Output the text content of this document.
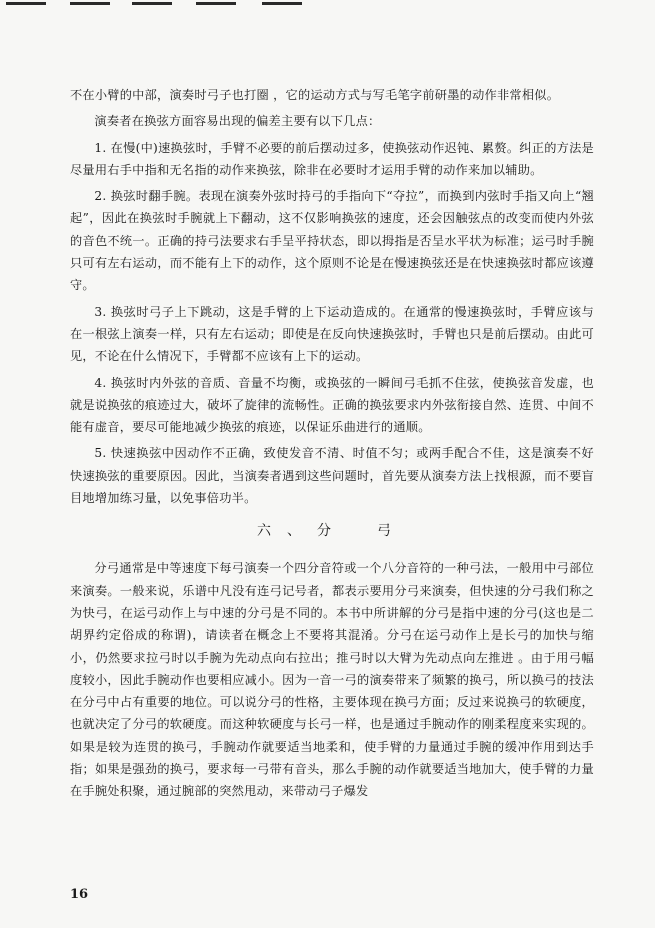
不在小臂的中部，演奏时弓子也打圈 ，它的运动方式与写毛笔字前研墨的动作非常相似。

演奏者在换弦方面容易出现的偏差主要有以下几点：

1. 在慢(中)速换弦时，手臂不必要的前后摆动过多，使换弦动作迟钝、累赘。纠正的方法是尽量用右手中指和无名指的动作来换弦，除非在必要时才运用手臂的动作来加以辅助。

2. 换弦时翻手腕。表现在演奏外弦时持弓的手指向下“夺拉”，而换到内弦时手指又向上“翘起”，因此在换弦时手腕就上下翻动，这不仅影响换弦的速度，还会因触弦点的改变而使内外弦的音色不统一。正确的持弓法要求右手呈平持状态，即以拇指是否呈水平状为标准；运弓时手腕只可有左右运动，而不能有上下的动作，这个原则不论是在慢速换弦还是在快速换弦时都应该遵守。

3. 换弦时弓子上下跳动，这是手臂的上下运动造成的。在通常的慢速换弦时，手臂应该与在一根弦上演奏一样，只有左右运动；即使是在反向快速换弦时，手臂也只是前后摆动。由此可见，不论在什么情况下，手臂都不应该有上下的运动。

4. 换弦时内外弦的音质、音量不均衡，或换弦的一瞬间弓毛抓不住弦，使换弦音发虚，也就是说换弦的痕迹过大，破坏了旋律的流畅性。正确的换弦要求内外弦衔接自然、连贯、中间不能有虚音，要尽可能地减少换弦的痕迹，以保证乐曲进行的通顺。

5. 快速换弦中因动作不正确，致使发音不清、时值不匀；或两手配合不佳，这是演奏不好快速换弦的重要原因。因此，当演奏者遇到这些问题时，首先要从演奏方法上找根源，而不要盲目地增加练习量，以免事倍功半。

六、分　弓

分弓通常是中等速度下每弓演奏一个四分音符或一个八分音符的一种弓法，一般用中弓部位来演奏。一般来说，乐谱中凡没有连弓记号者，都表示要用分弓来演奏，但快速的分弓我们称之为快弓，在运弓动作上与中速的分弓是不同的。本书中所讲解的分弓是指中速的分弓(这也是二胡界约定俗成的称谓)，请读者在概念上不要将其混淆。分弓在运弓动作上是长弓的加快与缩小，仍然要求拉弓时以手腕为先动点向右拉出；推弓时以大臂为先动点向左推进 。由于用弓幅度较小，因此手腕动作也要相应减小。因为一音一弓的演奏带来了频繁的换弓，所以换弓的技法在分弓中占有重要的地位。可以说分弓的性格，主要体现在换弓方面；反过来说换弓的软硬度，也就决定了分弓的软硬度。而这种软硬度与长弓一样，也是通过手腕动作的刚柔程度来实现的。如果是较为连贯的换弓，手腕动作就要适当地柔和，使手臂的力量通过手腕的缓冲作用到达手指；如果是强劲的换弓，要求每一弓带有音头，那么手腕的动作就要适当地加大，使手臂的力量在手腕处积聚，通过腕部的突然甩动，来带动弓子爆发

16
